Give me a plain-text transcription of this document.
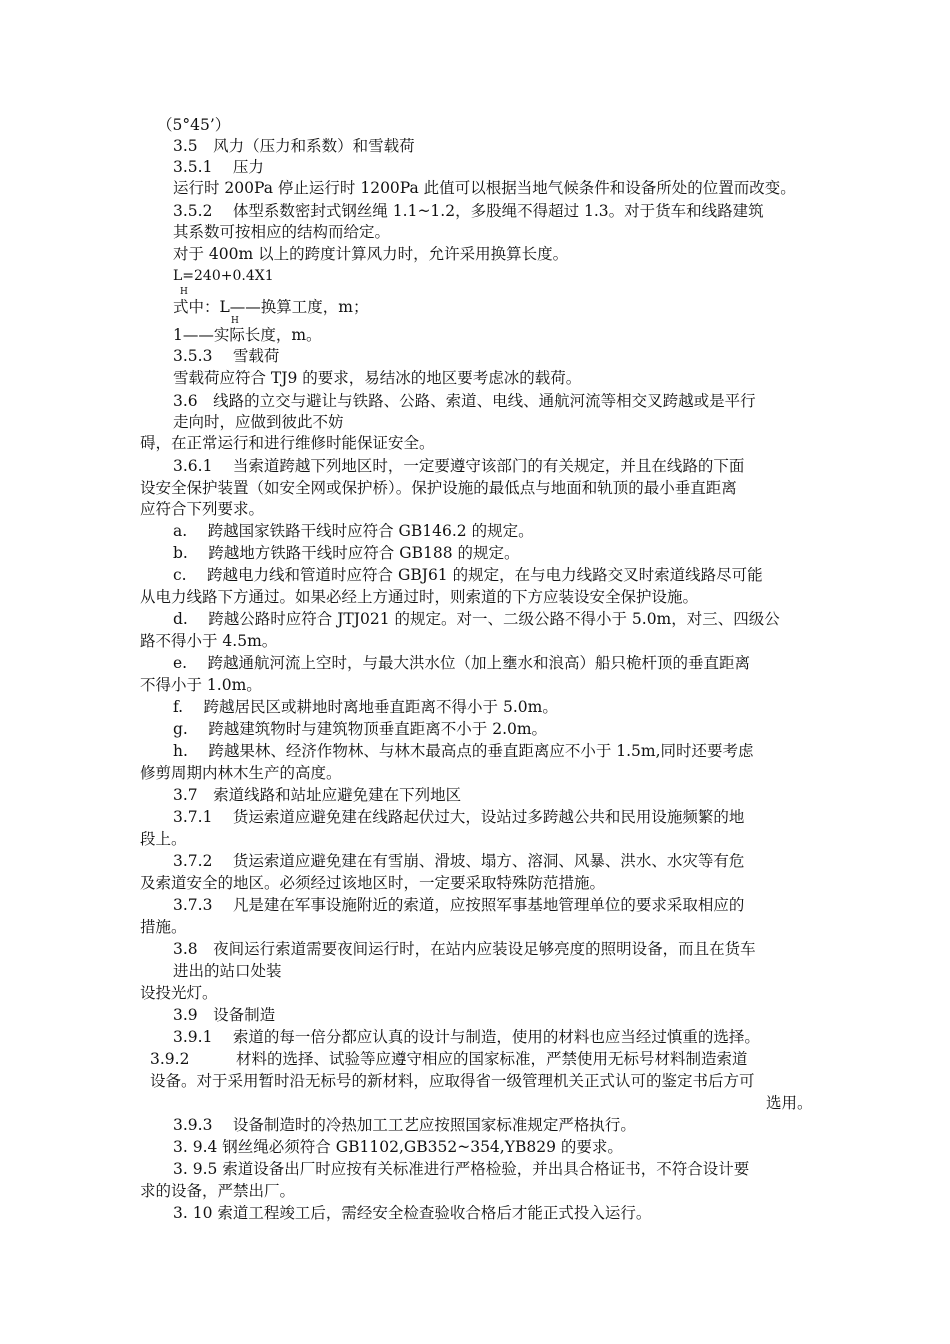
（5°45’）
3.5　风力（压力和系数）和雪载荷
3.5.1　 压力
运行时 200Pa 停止运行时 1200Pa 此值可以根据当地气候条件和设备所处的位置而改变。
3.5.2　 体型系数密封式钢丝绳 1.1~1.2，多股绳不得超过 1.3。对于货车和线路建筑
其系数可按相应的结构而给定。
对于 400m 以上的跨度计算风力时，允许采用换算长度。
L=240+0.4X1
H
式中：L——换算工度，m；
H
1——实际长度，m。
3.5.3　 雪载荷
雪载荷应符合 TJ9 的要求，易结冰的地区要考虑冰的载荷。
3.6　线路的立交与避让与铁路、公路、索道、电线、通航河流等相交叉跨越或是平行
走向时，应做到彼此不妨
碍，在正常运行和进行维修时能保证安全。
3.6.1　 当索道跨越下列地区时，一定要遵守该部门的有关规定，并且在线路的下面
设安全保护装置（如安全网或保护桥）。保护设施的最低点与地面和轨顶的最小垂直距离
应符合下列要求。
a.　 跨越国家铁路干线时应符合 GB146.2 的规定。
b.　 跨越地方铁路干线时应符合 GB188 的规定。
c.　 跨越电力线和管道时应符合 GBJ61 的规定，在与电力线路交叉时索道线路尽可能
从电力线路下方通过。如果必经上方通过时，则索道的下方应装设安全保护设施。
d.　 跨越公路时应符合 JTJ021 的规定。对一、二级公路不得小于 5.0m，对三、四级公
路不得小于 4.5m。
e.　 跨越通航河流上空时，与最大洪水位（加上壅水和浪高）船只桅杆顶的垂直距离
不得小于 1.0m。
f.　 跨越居民区或耕地时离地垂直距离不得小于 5.0m。
g.　 跨越建筑物时与建筑物顶垂直距离不小于 2.0m。
h.　 跨越果林、经济作物林、与林木最高点的垂直距离应不小于 1.5m,同时还要考虑
修剪周期内林木生产的高度。
3.7　索道线路和站址应避免建在下列地区
3.7.1　 货运索道应避免建在线路起伏过大，设站过多跨越公共和民用设施频繁的地
段上。
3.7.2　 货运索道应避免建在有雪崩、滑坡、塌方、溶洞、风暴、洪水、水灾等有危
及索道安全的地区。必须经过该地区时，一定要采取特殊防范措施。
3.7.3　 凡是建在军事设施附近的索道，应按照军事基地管理单位的要求采取相应的
措施。
3.8　夜间运行索道需要夜间运行时，在站内应装设足够亮度的照明设备，而且在货车
进出的站口处装
设投光灯。
3.9　设备制造
3.9.1　 索道的每一倍分都应认真的设计与制造，使用的材料也应当经过慎重的选择。
3.9.2　　　材料的选择、试验等应遵守相应的国家标准，严禁使用无标号材料制造索道
设备。对于采用暂时沿无标号的新材料，应取得省一级管理机关正式认可的鉴定书后方可
选用。
3.9.3　 设备制造时的冷热加工工艺应按照国家标准规定严格执行。
3. 9.4 钢丝绳必须符合 GB1102,GB352~354,YB829 的要求。
3. 9.5 索道设备出厂时应按有关标准进行严格检验，并出具合格证书，不符合设计要
求的设备，严禁出厂。
3. 10 索道工程竣工后，需经安全检查验收合格后才能正式投入运行。
